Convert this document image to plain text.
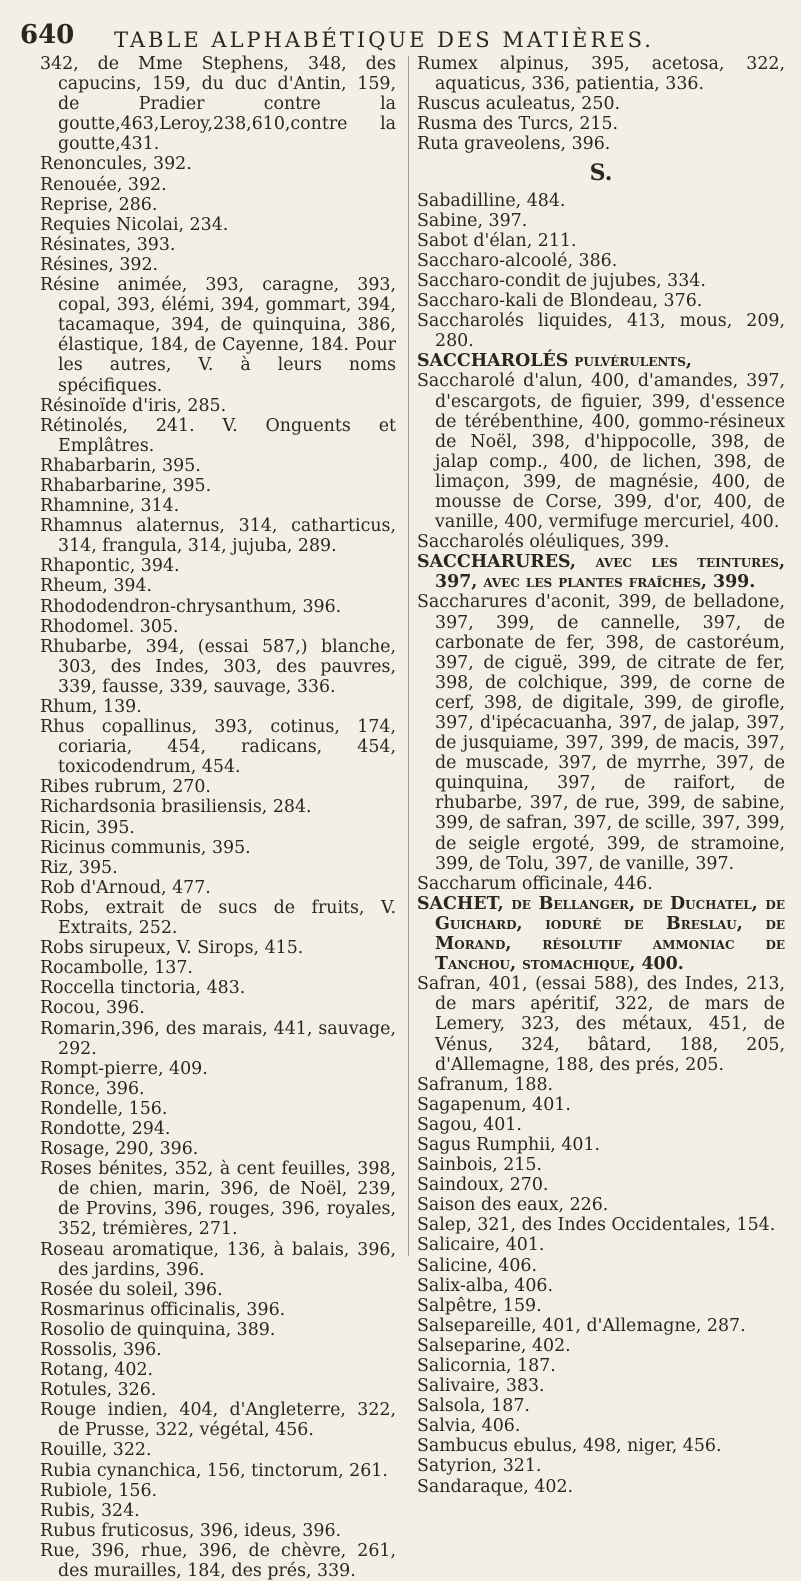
640 TABLE ALPHABÉTIQUE DES MATIÈRES.

342, de Mme Stephens, 348, des capucins, 159, du duc d'Antin, 159, de Pradier contre la goutte,463,Leroy,238,610,contre la goutte,431.

Renoncules, 392.

Renouée, 392.

Reprise, 286.

Requies Nicolai, 234.

Résinates, 393.

Résines, 392.

Résine animée, 393, caragne, 393, copal, 393, élémi, 394, gommart, 394, tacamaque, 394, de quinquina, 386, élastique, 184, de Cayenne, 184. Pour les autres, V. à leurs noms spécifiques.

Résinoïde d'iris, 285.

Rétinolés, 241. V. Onguents et Emplâtres.

Rhabarbarin, 395.

Rhabarbarine, 395.

Rhamnine, 314.

Rhamnus alaternus, 314, catharticus, 314, frangula, 314, jujuba, 289.

Rhapontic, 394.

Rheum, 394.

Rhododendron-chrysanthum, 396.

Rhodomel. 305.

Rhubarbe, 394, (essai 587,) blanche, 303, des Indes, 303, des pauvres, 339, fausse, 339, sauvage, 336.

Rhum, 139.

Rhus copallinus, 393, cotinus, 174, coriaria, 454, radicans, 454, toxicodendrum, 454.

Ribes rubrum, 270.

Richardsonia brasiliensis, 284.

Ricin, 395.

Ricinus communis, 395.

Riz, 395.

Rob d'Arnoud, 477.

Robs, extrait de sucs de fruits, V. Extraits, 252.

Robs sirupeux, V. Sirops, 415.

Rocambolle, 137.

Roccella tinctoria, 483.

Rocou, 396.

Romarin,396, des marais, 441, sauvage, 292.

Rompt-pierre, 409.

Ronce, 396.

Rondelle, 156.

Rondotte, 294.

Rosage, 290, 396.

Roses bénites, 352, à cent feuilles, 398, de chien, marin, 396, de Noël, 239, de Provins, 396, rouges, 396, royales, 352, trémières, 271.

Roseau aromatique, 136, à balais, 396, des jardins, 396.

Rosée du soleil, 396.

Rosmarinus officinalis, 396.

Rosolio de quinquina, 389.

Rossolis, 396.

Rotang, 402.

Rotules, 326.

Rouge indien, 404, d'Angleterre, 322, de Prusse, 322, végétal, 456.

Rouille, 322.

Rubia cynanchica, 156, tinctorum, 261.

Rubiole, 156.

Rubis, 324.

Rubus fruticosus, 396, ideus, 396.

Rue, 396, rhue, 396, de chèvre, 261, des murailles, 184, des prés, 339.

Rumex alpinus, 395, acetosa, 322, aquaticus, 336, patientia, 336.

Ruscus aculeatus, 250.

Rusma des Turcs, 215.

Ruta graveolens, 396.

S.

Sabadilline, 484.

Sabine, 397.

Sabot d'élan, 211.

Saccharo-alcoolé, 386.

Saccharo-condit de jujubes, 334.

Saccharo-kali de Blondeau, 376.

Saccharolés liquides, 413, mous, 209, 280.

SACCHAROLÉS pulvérulents,

Saccharolé d'alun, 400, d'amandes, 397, d'escargots, de figuier, 399, d'essence de térébenthine, 400, gommo-résineux de Noël, 398, d'hippocolle, 398, de jalap comp., 400, de lichen, 398, de limaçon, 399, de magnésie, 400, de mousse de Corse, 399, d'or, 400, de vanille, 400, vermifuge mercuriel, 400.

Saccharolés oléuliques, 399.

SACCHARURES, avec les teintures, 397, avec les plantes fraîches, 399.

Saccharures d'aconit, 399, de belladone, 397, 399, de cannelle, 397, de carbonate de fer, 398, de castoréum, 397, de ciguë, 399, de citrate de fer, 398, de colchique, 399, de corne de cerf, 398, de digitale, 399, de girofle, 397, d'ipécacuanha, 397, de jalap, 397, de jusquiame, 397, 399, de macis, 397, de muscade, 397, de myrrhe, 397, de quinquina, 397, de raifort, de rhubarbe, 397, de rue, 399, de sabine, 399, de safran, 397, de scille, 397, 399, de seigle ergoté, 399, de stramoine, 399, de Tolu, 397, de vanille, 397.

Saccharum officinale, 446.

SACHET, de Bellanger, de Duchatel, de Guichard, ioduré de Breslau, de Morand, résolutif ammoniac de Tanchou, stomachique, 400.

Safran, 401, (essai 588), des Indes, 213, de mars apéritif, 322, de mars de Lemery, 323, des métaux, 451, de Vénus, 324, bâtard, 188, 205, d'Allemagne, 188, des prés, 205.

Safranum, 188.

Sagapenum, 401.

Sagou, 401.

Sagus Rumphii, 401.

Sainbois, 215.

Saindoux, 270.

Saison des eaux, 226.

Salep, 321, des Indes Occidentales, 154.

Salicaire, 401.

Salicine, 406.

Salix-alba, 406.

Salpêtre, 159.

Salsepareille, 401, d'Allemagne, 287.

Salseparine, 402.

Salicornia, 187.

Salivaire, 383.

Salsola, 187.

Salvia, 406.

Sambucus ebulus, 498, niger, 456.

Satyrion, 321.

Sandaraque, 402.
